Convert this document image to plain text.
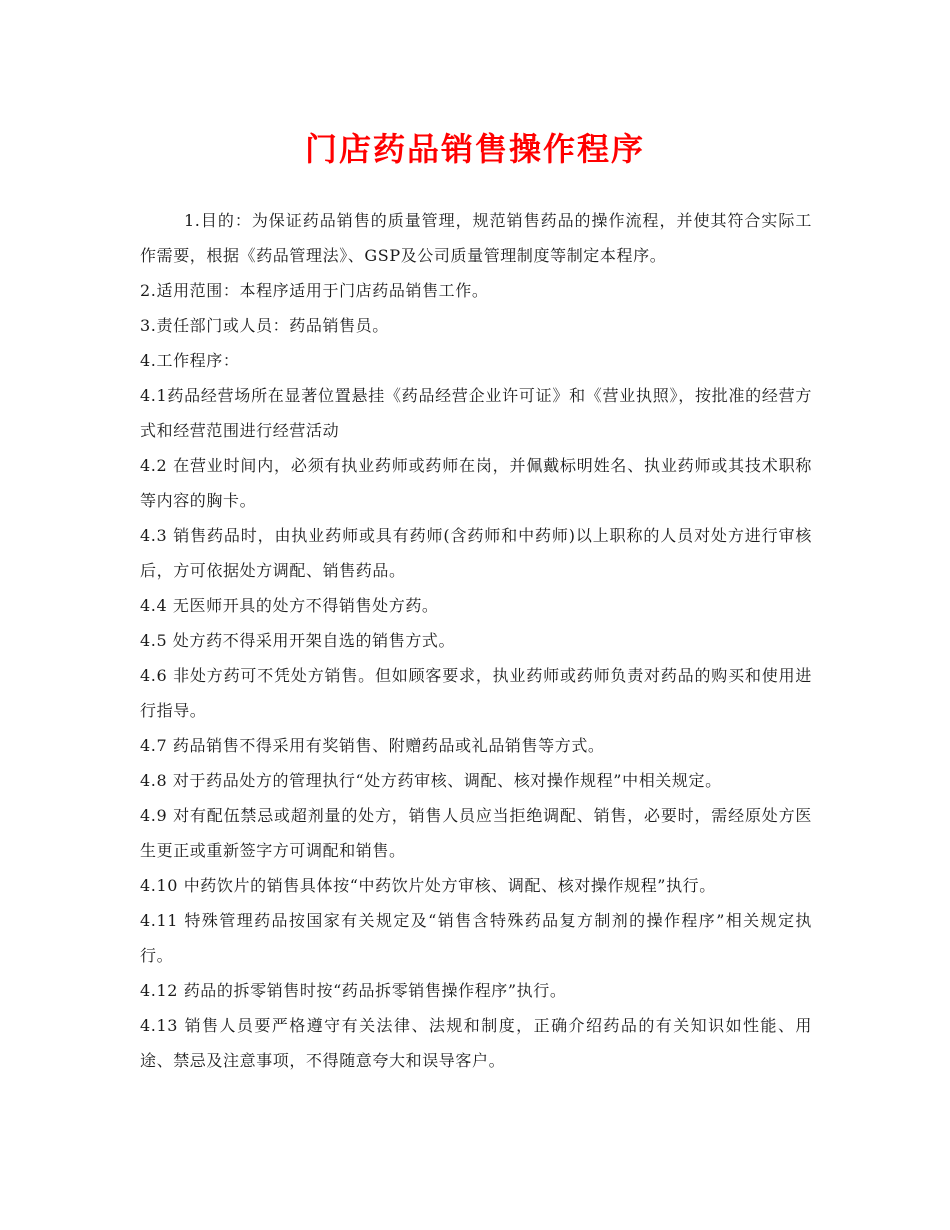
门店药品销售操作程序

1.目的：为保证药品销售的质量管理，规范销售药品的操作流程，并使其符合实际工作需要，根据《药品管理法》、GSP及公司质量管理制度等制定本程序。

2.适用范围：本程序适用于门店药品销售工作。

3.责任部门或人员：药品销售员。

4.工作程序：

4.1药品经营场所在显著位置悬挂《药品经营企业许可证》和《营业执照》，按批准的经营方式和经营范围进行经营活动

4.2 在营业时间内，必须有执业药师或药师在岗，并佩戴标明姓名、执业药师或其技术职称等内容的胸卡。

4.3 销售药品时，由执业药师或具有药师(含药师和中药师)以上职称的人员对处方进行审核后，方可依据处方调配、销售药品。

4.4 无医师开具的处方不得销售处方药。

4.5 处方药不得采用开架自选的销售方式。

4.6 非处方药可不凭处方销售。但如顾客要求，执业药师或药师负责对药品的购买和使用进行指导。

4.7 药品销售不得采用有奖销售、附赠药品或礼品销售等方式。

4.8 对于药品处方的管理执行“处方药审核、调配、核对操作规程”中相关规定。

4.9 对有配伍禁忌或超剂量的处方，销售人员应当拒绝调配、销售，必要时，需经原处方医生更正或重新签字方可调配和销售。

4.10 中药饮片的销售具体按“中药饮片处方审核、调配、核对操作规程”执行。

4.11 特殊管理药品按国家有关规定及“销售含特殊药品复方制剂的操作程序”相关规定执行。

4.12 药品的拆零销售时按“药品拆零销售操作程序”执行。

4.13 销售人员要严格遵守有关法律、法规和制度，正确介绍药品的有关知识如性能、用途、禁忌及注意事项，不得随意夸大和误导客户。
